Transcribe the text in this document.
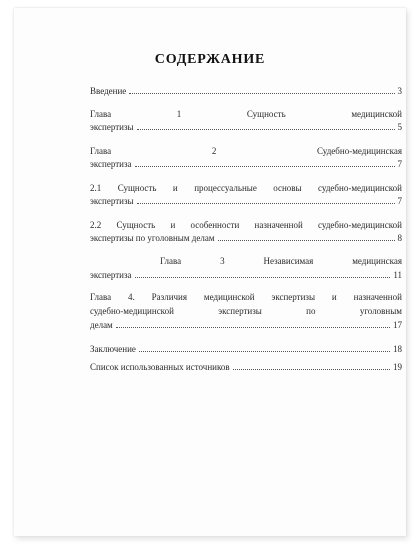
СОДЕРЖАНИЕ
Введение	3
Глава	1	Сущность	медицинской
экспертизы	5
Глава	2	Судебно-медицинская
экспертиза	7
2.1 Сущность и процессуальные основы судебно-медицинской
экспертизы	7
2.2 Сущность и особенности назначенной судебно-медицинской
экспертизы по уголовным делам	8
Глава	3	Независимая	медицинская
экспертиза	11
Глава 4. Различия медицинской экспертизы и назначенной
судебно-медицинской	экспертизы	по	уголовным
делам	17
Заключение	18
Список использованных источников	19
